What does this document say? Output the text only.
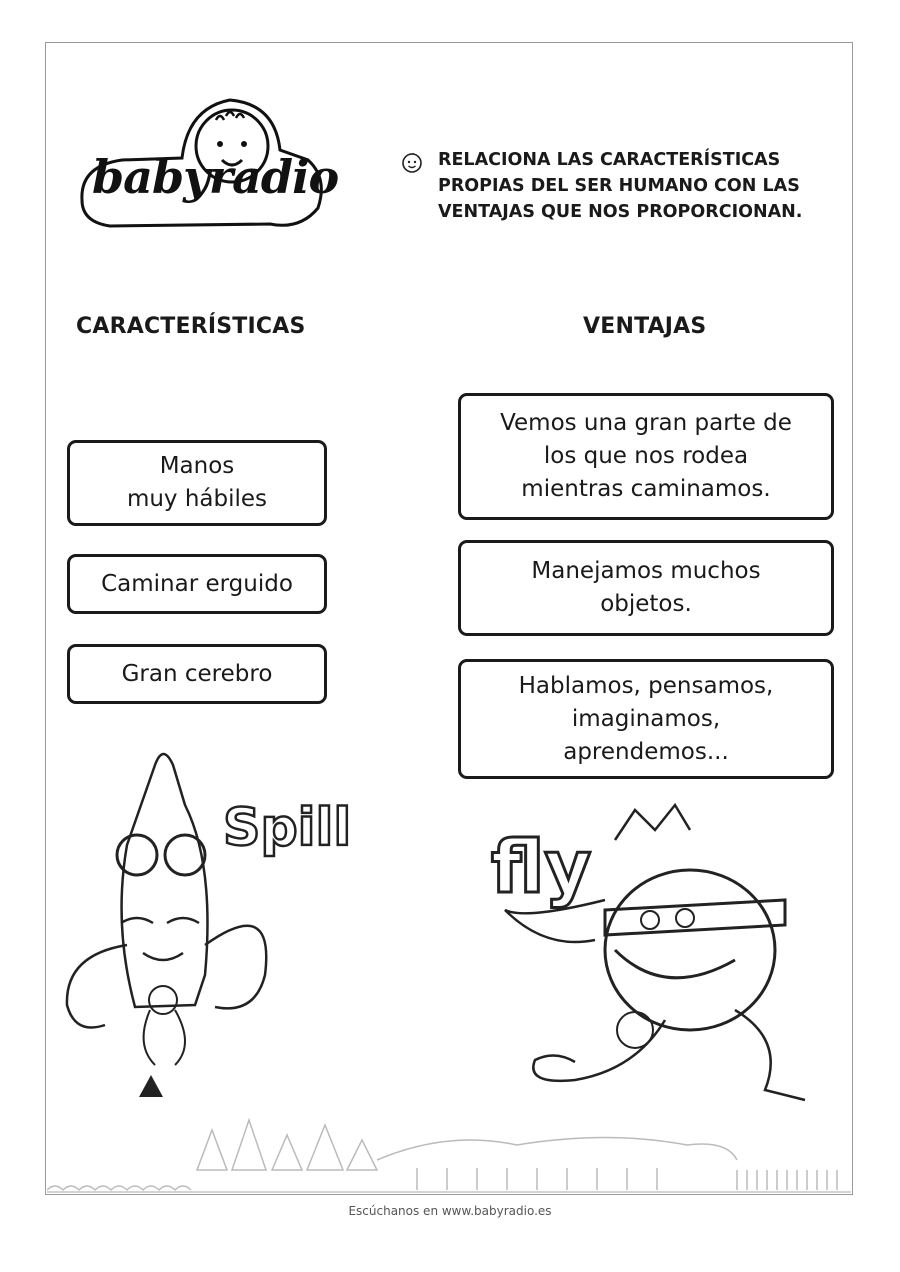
babyradio	RELACIONA LAS CARACTERÍSTICAS
PROPIAS DEL SER HUMANO CON LAS
VENTAJAS QUE NOS PROPORCIONAN.
CARACTERÍSTICAS	VENTAJAS
Manos
muy hábiles
Caminar erguido
Gran cerebro
Vemos una gran parte de
los que nos rodea
mientras caminamos.
Manejamos muchos
objetos.
Hablamos, pensamos,
imaginamos,
aprendemos...
Spill fly
Escúchanos en www.babyradio.es
